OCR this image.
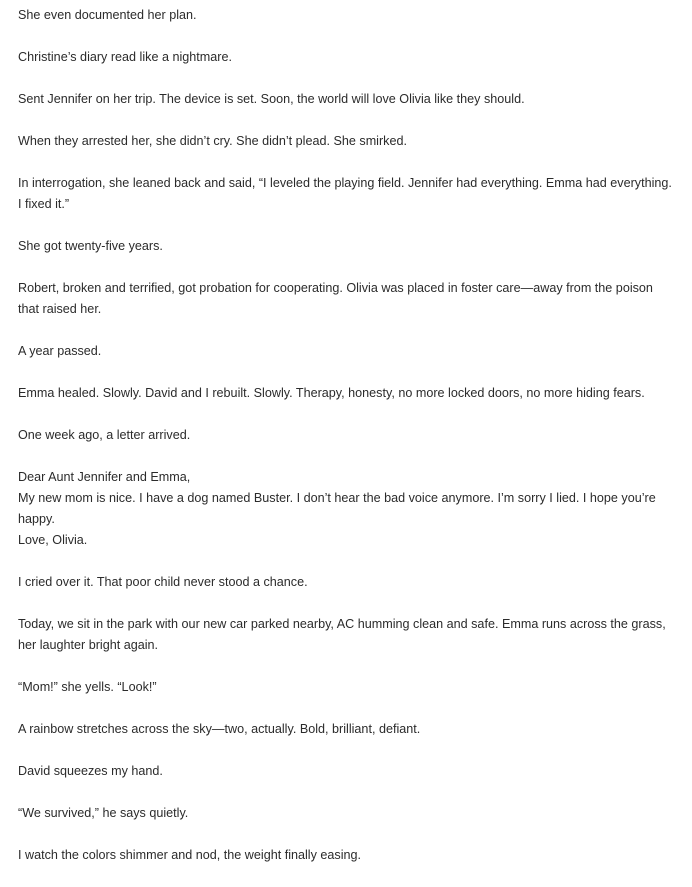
She even documented her plan.

Christine’s diary read like a nightmare.

Sent Jennifer on her trip. The device is set. Soon, the world will love Olivia like they should.

When they arrested her, she didn’t cry. She didn’t plead. She smirked.

In interrogation, she leaned back and said, “I leveled the playing field. Jennifer had everything. Emma had everything. I fixed it.”

She got twenty-five years.

Robert, broken and terrified, got probation for cooperating. Olivia was placed in foster care—away from the poison that raised her.

A year passed.

Emma healed. Slowly. David and I rebuilt. Slowly. Therapy, honesty, no more locked doors, no more hiding fears.

One week ago, a letter arrived.

Dear Aunt Jennifer and Emma,
My new mom is nice. I have a dog named Buster. I don’t hear the bad voice anymore. I’m sorry I lied. I hope you’re happy.
Love, Olivia.

I cried over it. That poor child never stood a chance.

Today, we sit in the park with our new car parked nearby, AC humming clean and safe. Emma runs across the grass, her laughter bright again.

“Mom!” she yells. “Look!”

A rainbow stretches across the sky—two, actually. Bold, brilliant, defiant.

David squeezes my hand.

“We survived,” he says quietly.

I watch the colors shimmer and nod, the weight finally easing.
